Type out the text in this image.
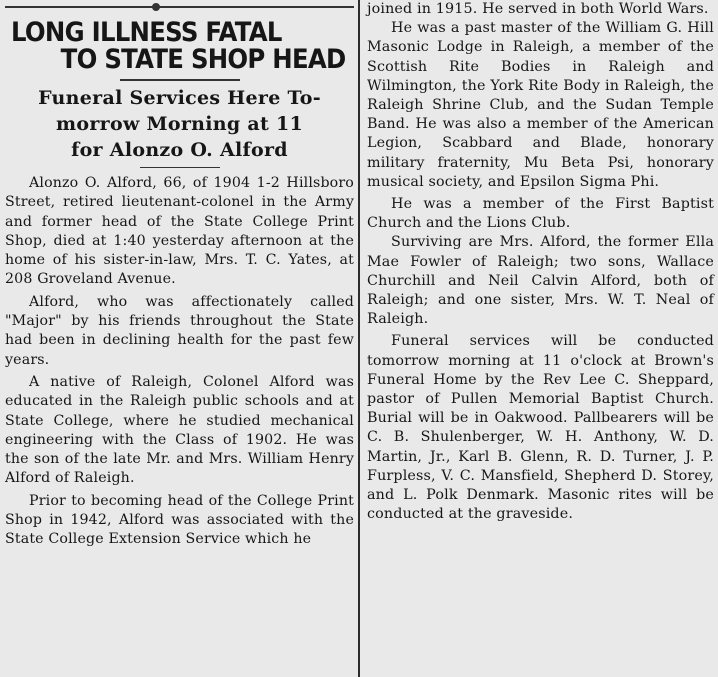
LONG ILLNESS FATAL
TO STATE SHOP HEAD
Funeral Services Here To-
morrow Morning at 11
for Alonzo O. Alford

Alonzo O. Alford, 66, of 1904 1-2 Hillsboro Street, retired lieutenant-colonel in the Army and former head of the State College Print Shop, died at 1:40 yesterday afternoon at the home of his sister-in-law, Mrs. T. C. Yates, at 208 Groveland Avenue.

Alford, who was affectionately called "Major" by his friends throughout the State had been in declining health for the past few years.

A native of Raleigh, Colonel Alford was educated in the Raleigh public schools and at State College, where he studied mechanical engineering with the Class of 1902. He was the son of the late Mr. and Mrs. William Henry Alford of Raleigh.

Prior to becoming head of the College Print Shop in 1942, Alford was associated with the State College Extension Service which he

joined in 1915. He served in both World Wars.

He was a past master of the William G. Hill Masonic Lodge in Raleigh, a member of the Scottish Rite Bodies in Raleigh and Wilmington, the York Rite Body in Raleigh, the Raleigh Shrine Club, and the Sudan Temple Band. He was also a member of the American Legion, Scabbard and Blade, honorary military fraternity, Mu Beta Psi, honorary musical society, and Epsilon Sigma Phi.

He was a member of the First Baptist Church and the Lions Club.

Surviving are Mrs. Alford, the former Ella Mae Fowler of Raleigh; two sons, Wallace Churchill and Neil Calvin Alford, both of Raleigh; and one sister, Mrs. W. T. Neal of Raleigh.

Funeral services will be conducted tomorrow morning at 11 o'clock at Brown's Funeral Home by the Rev Lee C. Sheppard, pastor of Pullen Memorial Baptist Church. Burial will be in Oakwood. Pallbearers will be C. B. Shulenberger, W. H. Anthony, W. D. Martin, Jr., Karl B. Glenn, R. D. Turner, J. P. Furpless, V. C. Mansfield, Shepherd D. Storey, and L. Polk Denmark. Masonic rites will be conducted at the graveside.
